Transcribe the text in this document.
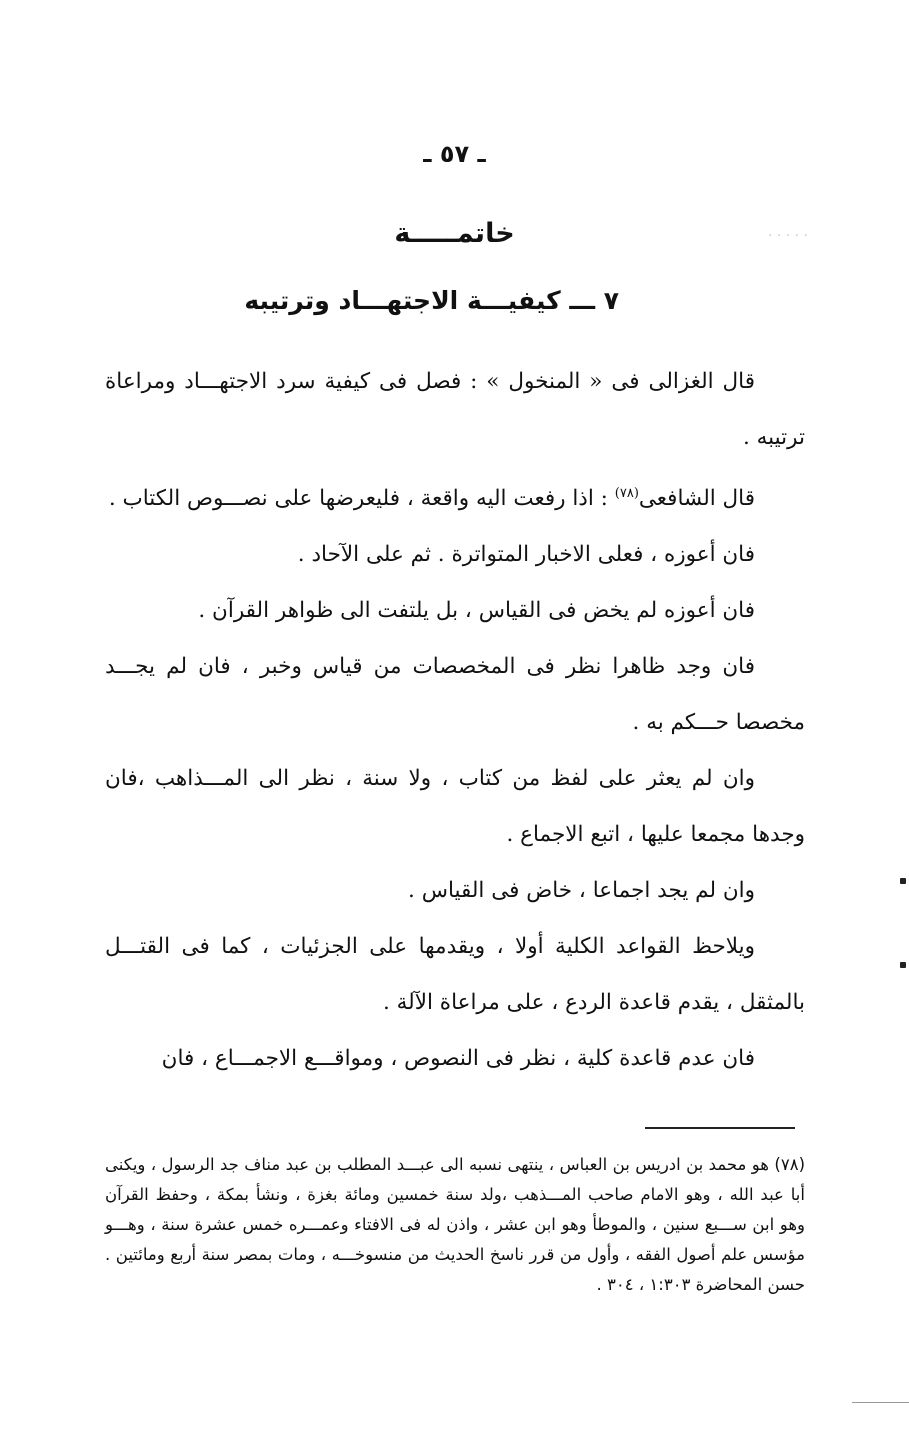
ـ ٥٧ ـ
· · · · ·
خاتمـــــة
٧ ـــ كيفيـــة الاجتهـــاد وترتيبه

قال الغزالى فى « المنخول » : فصل فى كيفية سرد الاجتهـــاد ومراعاة ترتيبه .

قال الشافعى$^{(٧٨)}$ : اذا رفعت اليه واقعة ، فليعرضها على نصـــوص الكتاب .

فان أعوزه ، فعلى الاخبار المتواترة . ثم على الآحاد .

فان أعوزه لم يخض فى القياس ، بل يلتفت الى ظواهر القرآن .

فان وجد ظاهرا نظر فى المخصصات من قياس وخبر ، فان لم يجـــد مخصصا حـــكم به .

وان لم يعثر على لفظ من كتاب ، ولا سنة ، نظر الى المـــذاهب ،فان وجدها مجمعا عليها ، اتبع الاجماع .

وان لم يجد اجماعا ، خاض فى القياس .

ويلاحظ القواعد الكلية أولا ، ويقدمها على الجزئيات ، كما فى القتـــل بالمثقل ، يقدم قاعدة الردع ، على مراعاة الآلة .

فان عدم قاعدة كلية ، نظر فى النصوص ، ومواقـــع الاجمـــاع ، فان

(٧٨) هو محمد بن ادريس بن العباس ، ينتهى نسبه الى عبـــد المطلب بن عبد مناف جد الرسول ، ويكنى أبا عبد الله ، وهو الامام صاحب المـــذهب ،ولد سنة خمسين ومائة بغزة ، ونشأ بمكة ، وحفظ القرآن وهو ابن ســـبع سنين ، والموطأ وهو ابن عشر ، واذن له فى الافتاء وعمـــره خمس عشرة سنة ، وهـــو مؤسس علم أصول الفقه ، وأول من قرر ناسخ الحديث من منسوخـــه ، ومات بمصر سنة أربع ومائتين . حسن المحاضرة ١:٣٠٣ ، ٣٠٤ .
